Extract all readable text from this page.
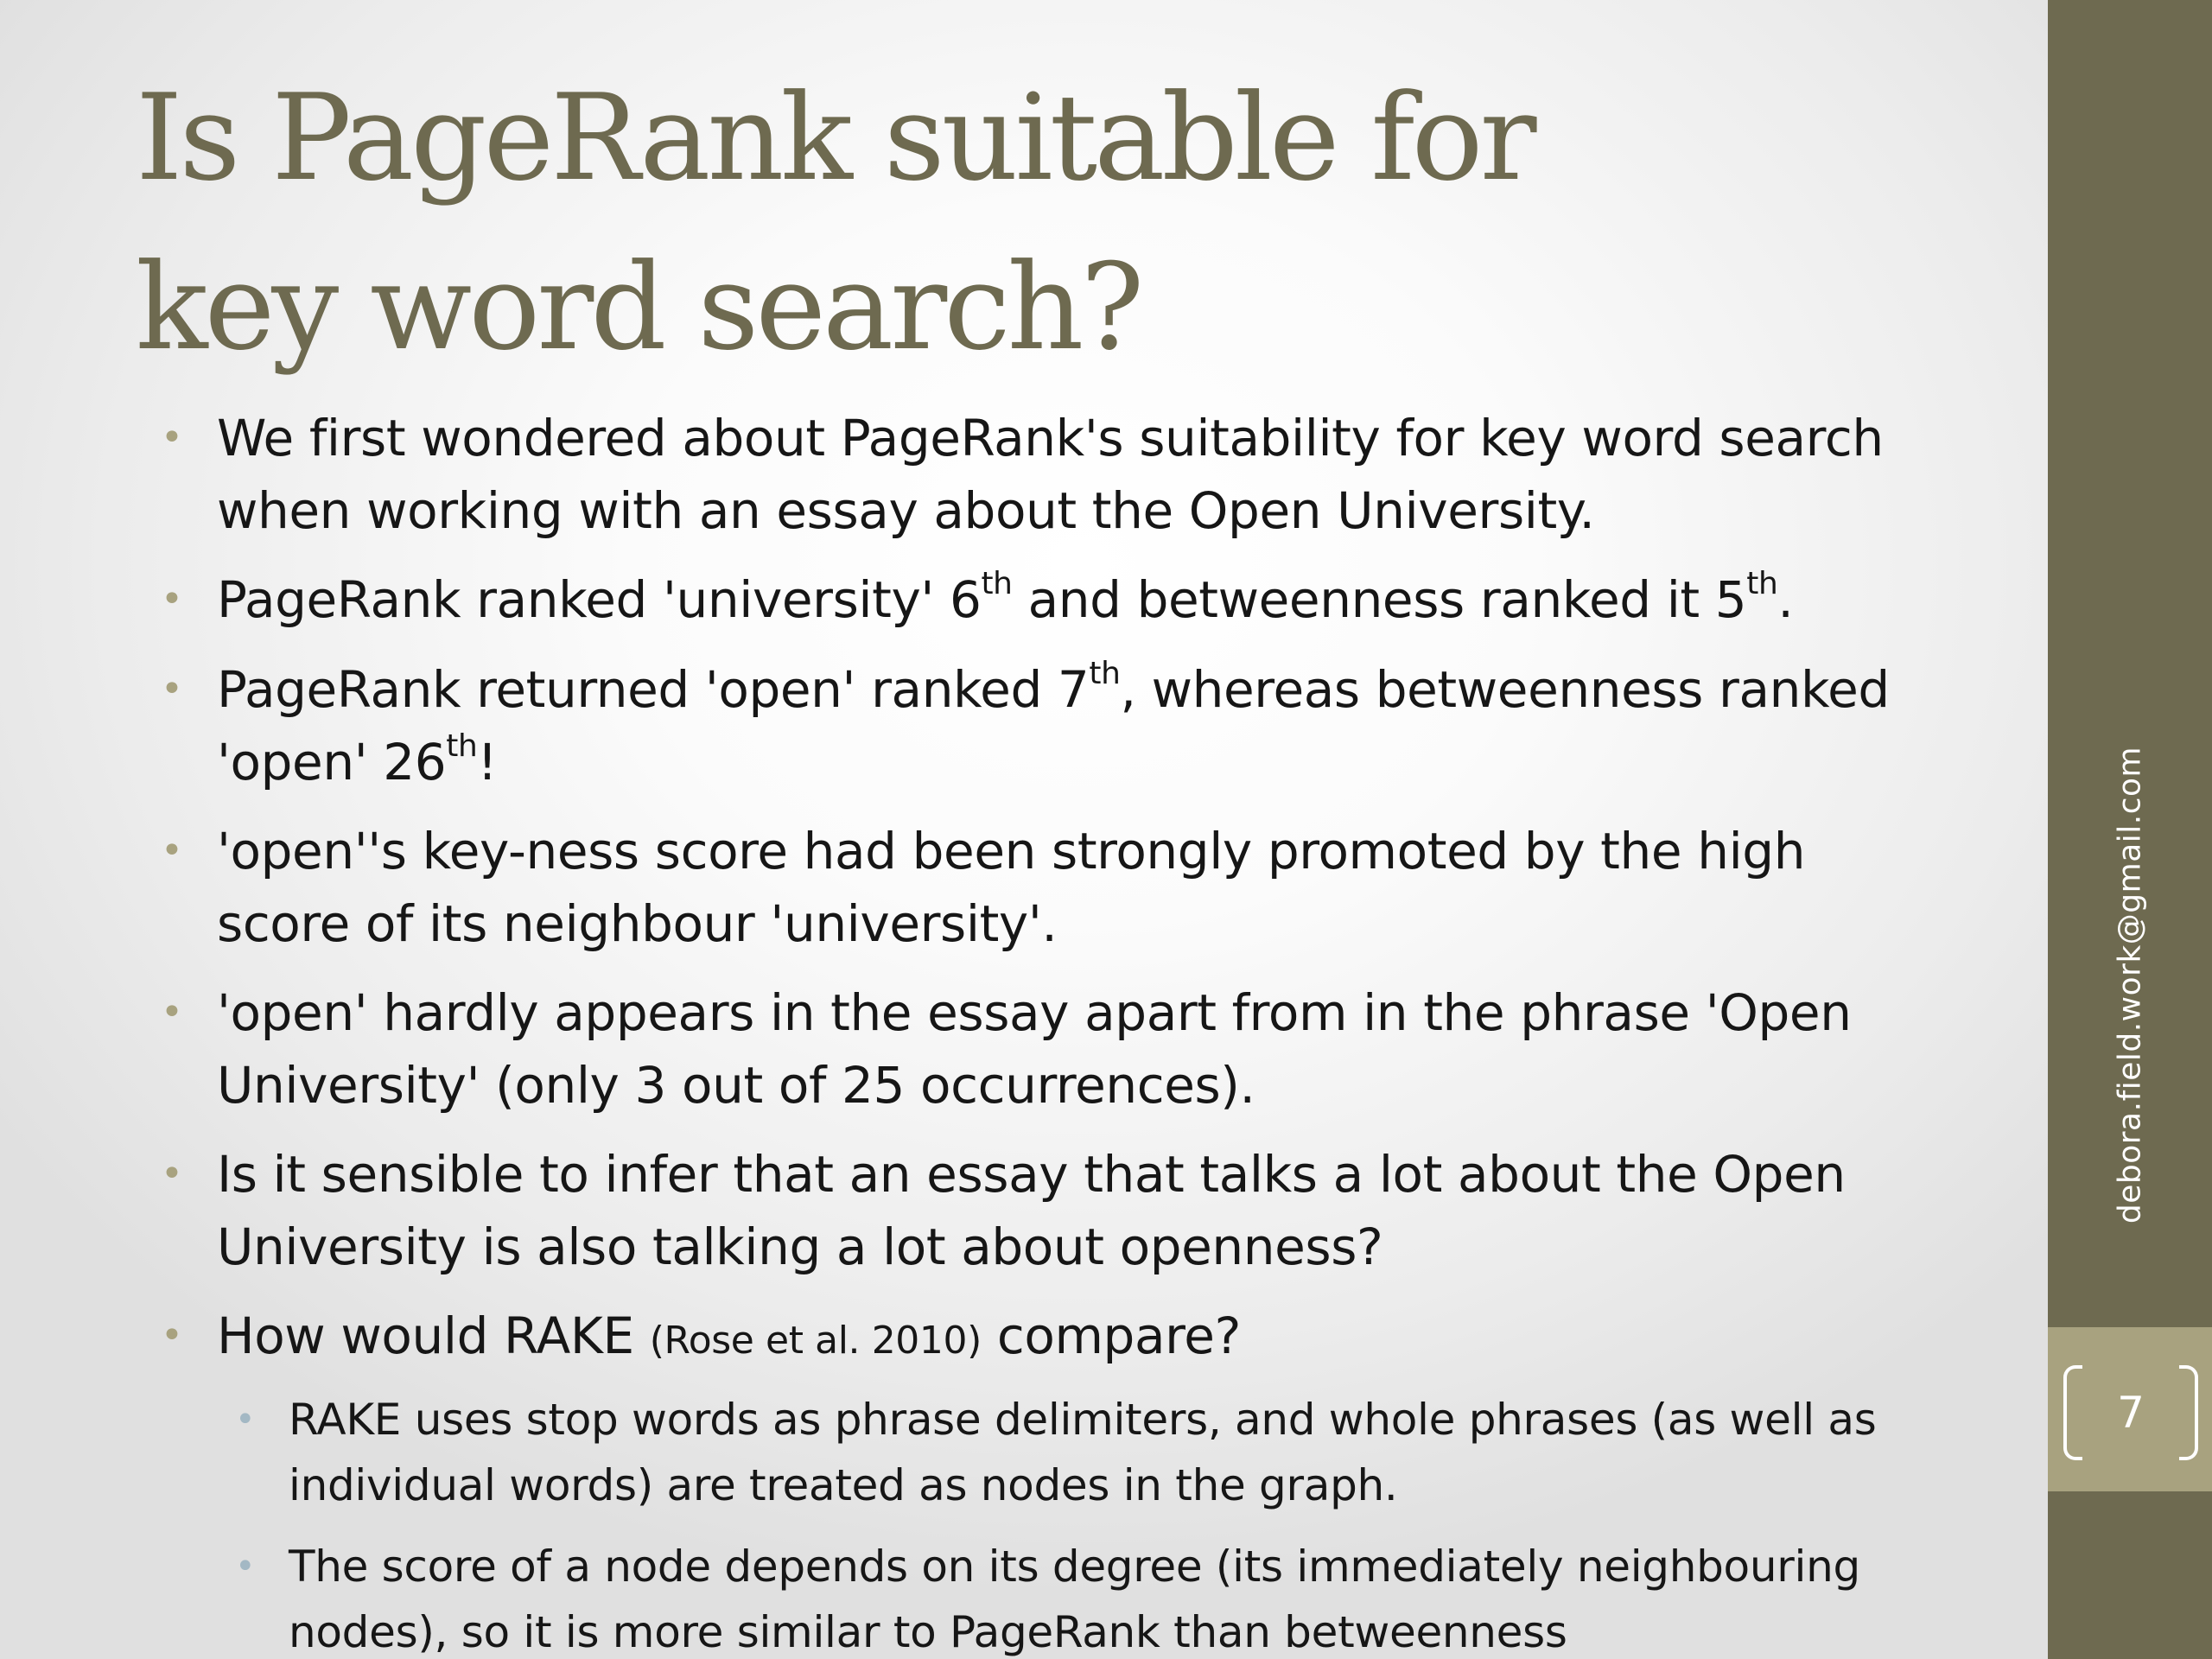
debora.field.work@gmail.com
7
Is PageRank suitable for
key word search?
• We first wondered about PageRank's suitability for key word search
when working with an essay about the Open University.
• PageRank ranked 'university' 6th and betweenness ranked it 5th.
• PageRank returned 'open' ranked 7th, whereas betweenness ranked
'open' 26th!
• 'open''s key-ness score had been strongly promoted by the high
score of its neighbour 'university'.
• 'open' hardly appears in the essay apart from in the phrase 'Open
University' (only 3 out of 25 occurrences).
• Is it sensible to infer that an essay that talks a lot about the Open
University is also talking a lot about openness?
• How would RAKE (Rose et al. 2010) compare?
• RAKE uses stop words as phrase delimiters, and whole phrases (as well as
individual words) are treated as nodes in the graph.
• The score of a node depends on its degree (its immediately neighbouring
nodes), so it is more similar to PageRank than betweenness
